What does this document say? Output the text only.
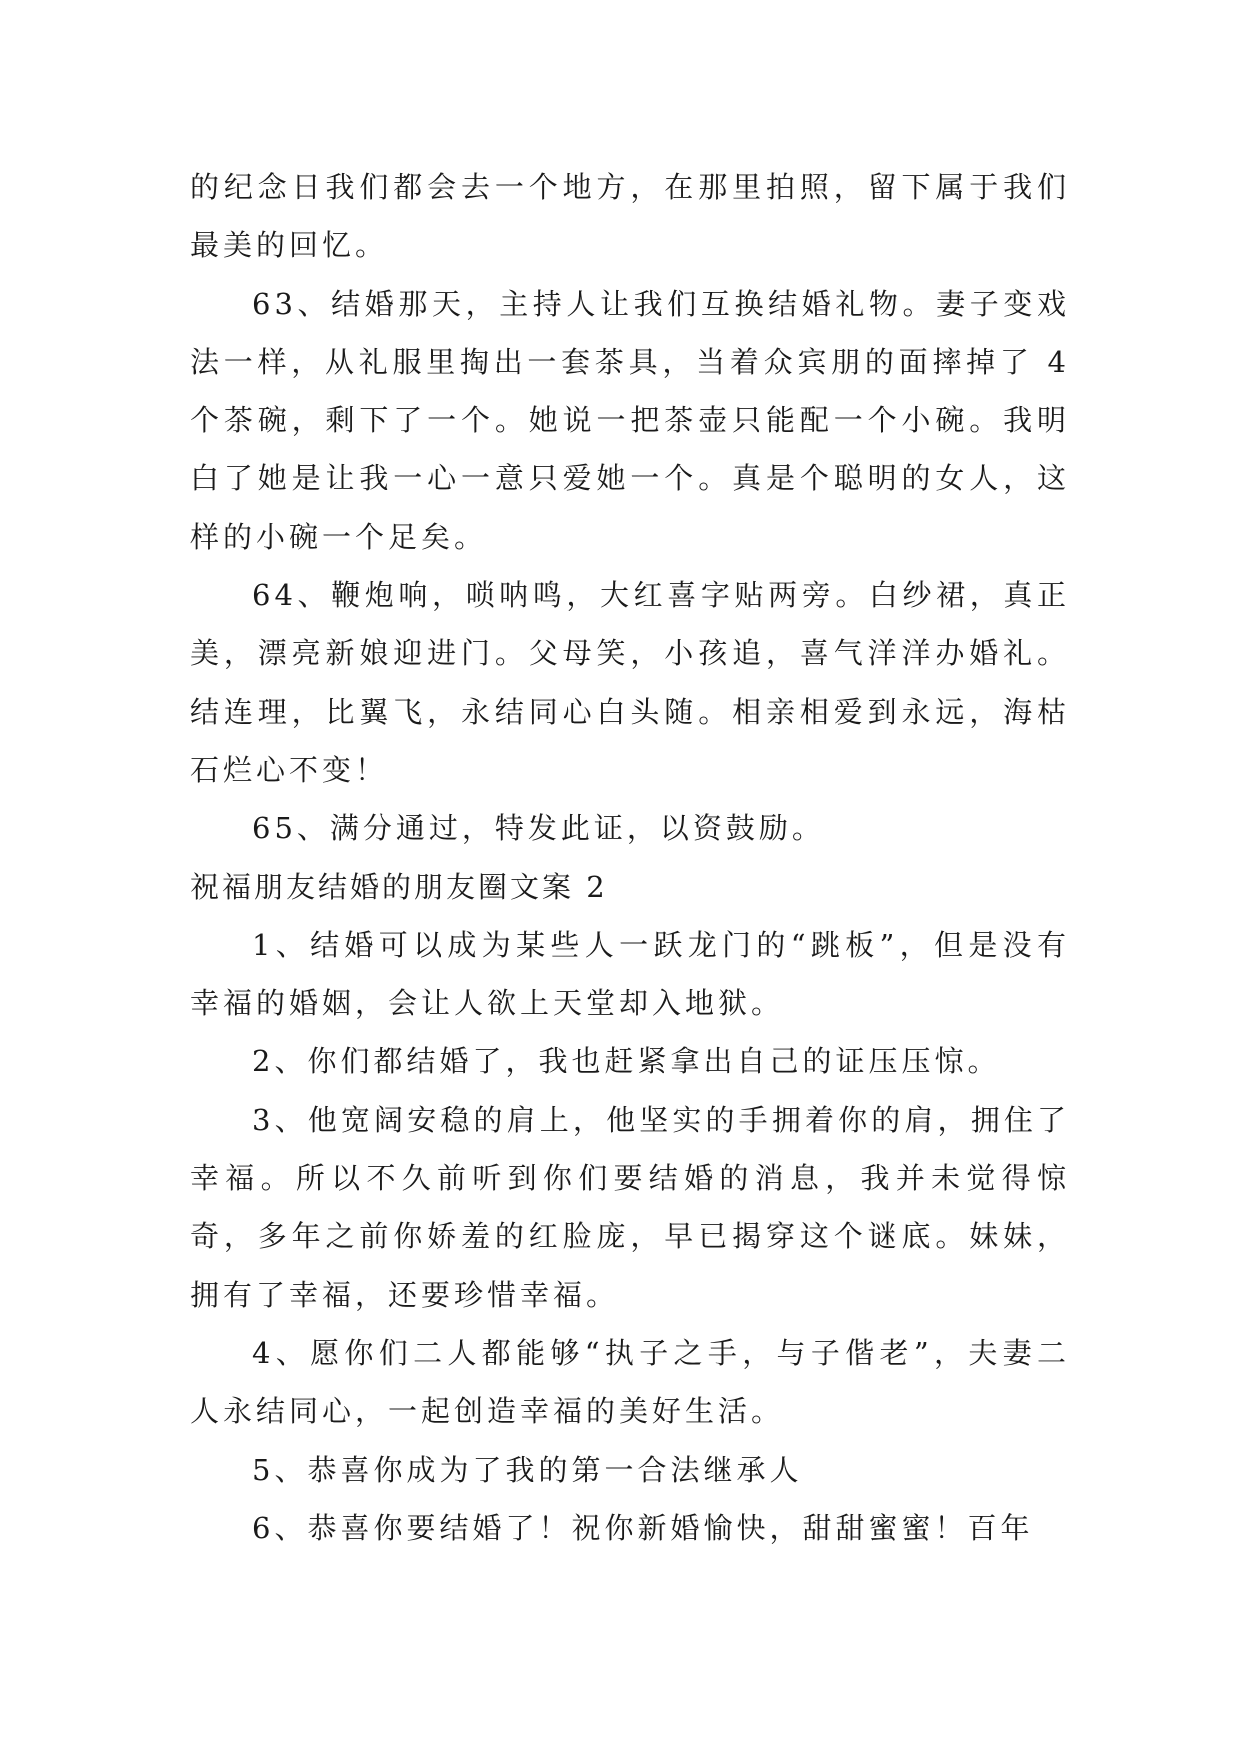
的纪念日我们都会去一个地方，在那里拍照，留下属于我们最美的回忆。

63、结婚那天，主持人让我们互换结婚礼物。妻子变戏法一样，从礼服里掏出一套茶具，当着众宾朋的面摔掉了 4 个茶碗，剩下了一个。她说一把茶壶只能配一个小碗。我明白了她是让我一心一意只爱她一个。真是个聪明的女人，这样的小碗一个足矣。

64、鞭炮响，唢呐鸣，大红喜字贴两旁。白纱裙，真正美，漂亮新娘迎进门。父母笑，小孩追，喜气洋洋办婚礼。结连理，比翼飞，永结同心白头随。相亲相爱到永远，海枯石烂心不变！

65、满分通过，特发此证，以资鼓励。

祝福朋友结婚的朋友圈文案 2

1、结婚可以成为某些人一跃龙门的“跳板”，但是没有幸福的婚姻，会让人欲上天堂却入地狱。

2、你们都结婚了，我也赶紧拿出自己的证压压惊。

3、他宽阔安稳的肩上，他坚实的手拥着你的肩，拥住了幸福。所以不久前听到你们要结婚的消息，我并未觉得惊奇，多年之前你娇羞的红脸庞，早已揭穿这个谜底。妹妹，拥有了幸福，还要珍惜幸福。

4、愿你们二人都能够“执子之手，与子偕老”，夫妻二人永结同心，一起创造幸福的美好生活。

5、恭喜你成为了我的第一合法继承人

6、恭喜你要结婚了！祝你新婚愉快，甜甜蜜蜜！百年
